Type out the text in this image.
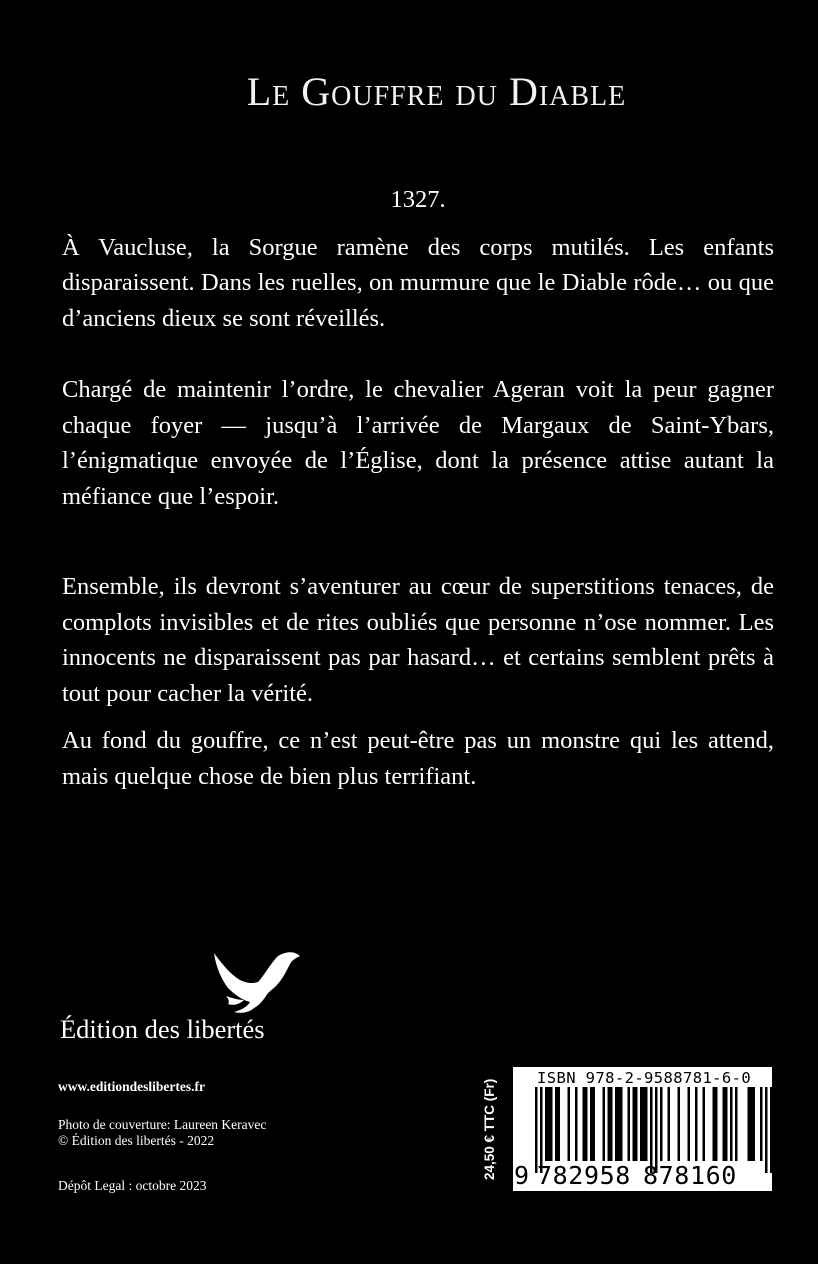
Le Gouffre du Diable

1327.

À Vaucluse, la Sorgue ramène des corps mutilés. Les enfants disparaissent. Dans les ruelles, on murmure que le Diable rôde… ou que d’anciens dieux se sont réveillés.

Chargé de maintenir l’ordre, le chevalier Ageran voit la peur gagner chaque foyer — jusqu’à l’arrivée de Margaux de Saint-Ybars, l’énigmatique envoyée de l’Église, dont la présence attise autant la méfiance que l’espoir.

Ensemble, ils devront s’aventurer au cœur de superstitions tenaces, de complots invisibles et de rites oubliés que personne n’ose nommer. Les innocents ne disparaissent pas par hasard… et certains semblent prêts à tout pour cacher la vérité.

Au fond du gouffre, ce n’est peut-être pas un monstre qui les attend, mais quelque chose de bien plus terrifiant.

Édition des libertés
www.editiondeslibertes.fr
Photo de couverture: Laureen Keravec
© Édition des libertés - 2022
Dépôt Legal : octobre 2023
24,50 € TTC (Fr)
ISBN 978-2-9588781-6-0
9 782958 878160
